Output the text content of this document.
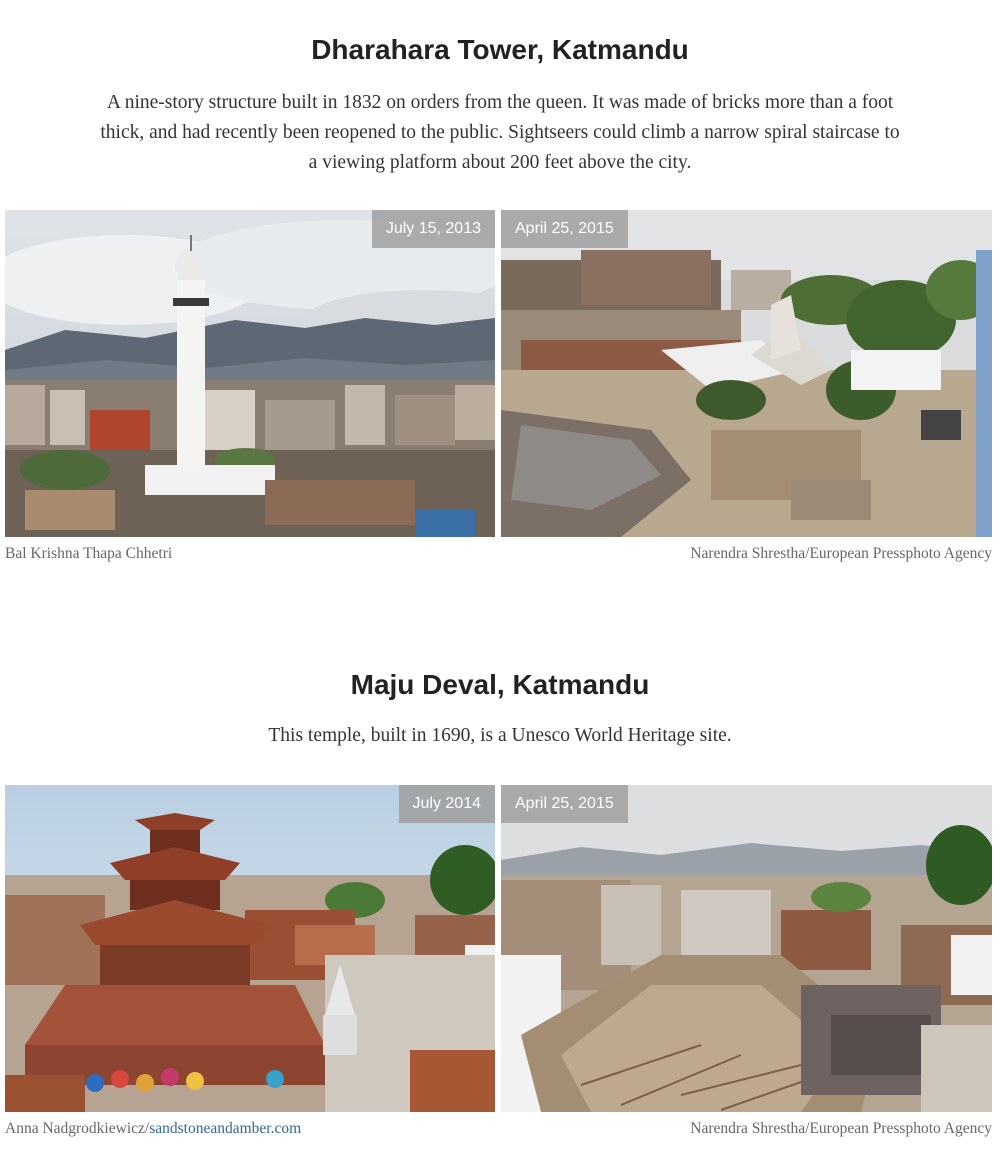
Dharahara Tower, Katmandu

A nine-story structure built in 1832 on orders from the queen. It was made of bricks more than a foot thick, and had recently been reopened to the public. Sightseers could climb a narrow spiral staircase to a viewing platform about 200 feet above the city.

July 15, 2013	April 25, 2015
Bal Krishna Thapa Chhetri	Narendra Shrestha/European Pressphoto Agency
Maju Deval, Katmandu

This temple, built in 1690, is a Unesco World Heritage site.

July 2014	April 25, 2015
Anna Nadgrodkiewicz/sandstoneandamber.com	Narendra Shrestha/European Pressphoto Agency
